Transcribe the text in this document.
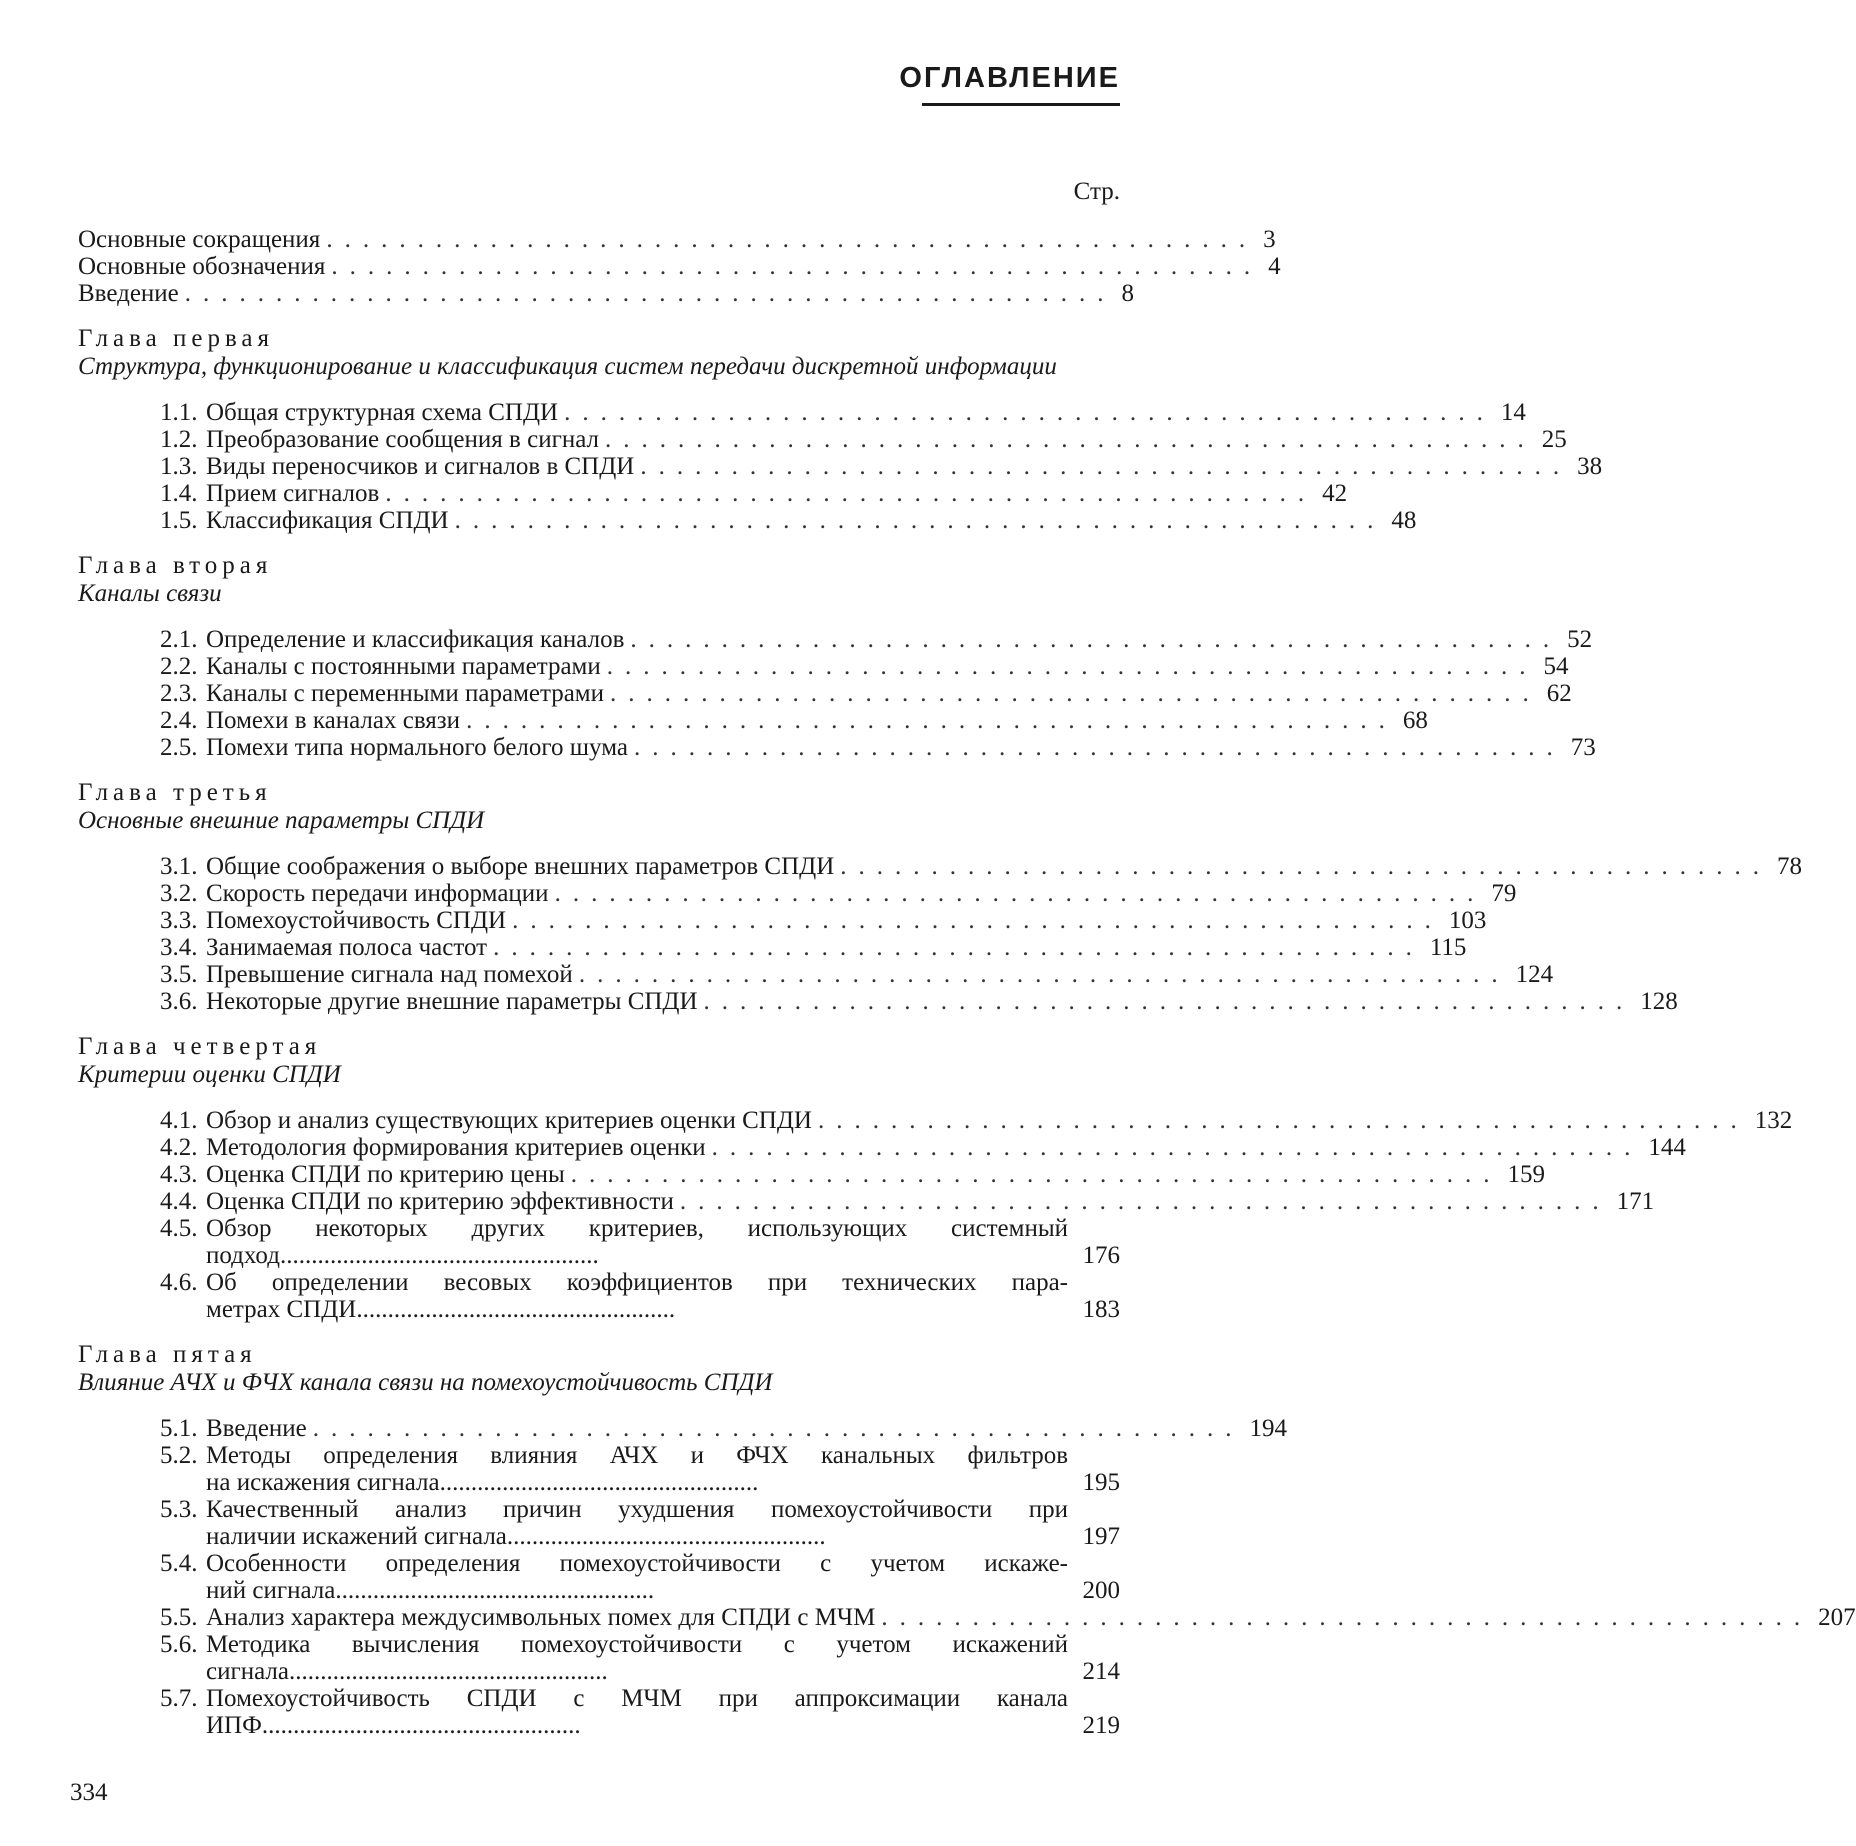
ОГЛАВЛЕНИЕ
Стр.
Основные сокращения ................................................... 3
Основные обозначения ................................................... 4
Введение ................................................... 8
Глава первая
Структура, функционирование и классификация систем передачи дискретной информации
1.1. Общая структурная схема СПДИ ................................................... 14
1.2. Преобразование сообщения в сигнал ................................................... 25
1.3. Виды переносчиков и сигналов в СПДИ ................................................... 38
1.4. Прием сигналов ................................................... 42
1.5. Классификация СПДИ ................................................... 48
Глава вторая
Каналы связи
2.1. Определение и классификация каналов ................................................... 52
2.2. Каналы с постоянными параметрами ................................................... 54
2.3. Каналы с переменными параметрами ................................................... 62
2.4. Помехи в каналах связи ................................................... 68
2.5. Помехи типа нормального белого шума ................................................... 73
Глава третья
Основные внешние параметры СПДИ
3.1. Общие соображения о выборе внешних параметров СПДИ ................................................... 78
3.2. Скорость передачи информации ................................................... 79
3.3. Помехоустойчивость СПДИ ................................................... 103
3.4. Занимаемая полоса частот ................................................... 115
3.5. Превышение сигнала над помехой ................................................... 124
3.6. Некоторые другие внешние параметры СПДИ ................................................... 128
Глава четвертая
Критерии оценки СПДИ
4.1. Обзор и анализ существующих критериев оценки СПДИ ................................................... 132
4.2. Методология формирования критериев оценки ................................................... 144
4.3. Оценка СПДИ по критерию цены ................................................... 159
4.4. Оценка СПДИ по критерию эффективности ................................................... 171
4.5. Обзор некоторых других критериев, использующих системный
подход ...................................................	176
4.6. Об определении весовых коэффициентов при технических пара-
метрах СПДИ ...................................................	183
Глава пятая
Влияние АЧХ и ФЧХ канала связи на помехоустойчивость СПДИ
5.1. Введение ................................................... 194
5.2. Методы определения влияния АЧХ и ФЧХ канальных фильтров
на искажения сигнала ...................................................	195
5.3. Качественный анализ причин ухудшения помехоустойчивости при
наличии искажений сигнала ...................................................	197
5.4. Особенности определения помехоустойчивости с учетом искаже-
ний сигнала ...................................................	200
5.5. Анализ характера междусимвольных помех для СПДИ с МЧМ ................................................... 207
5.6. Методика вычисления помехоустойчивости с учетом искажений
сигнала ...................................................	214
5.7. Помехоустойчивость СПДИ с МЧМ при аппроксимации канала
ИПФ ...................................................	219
334
